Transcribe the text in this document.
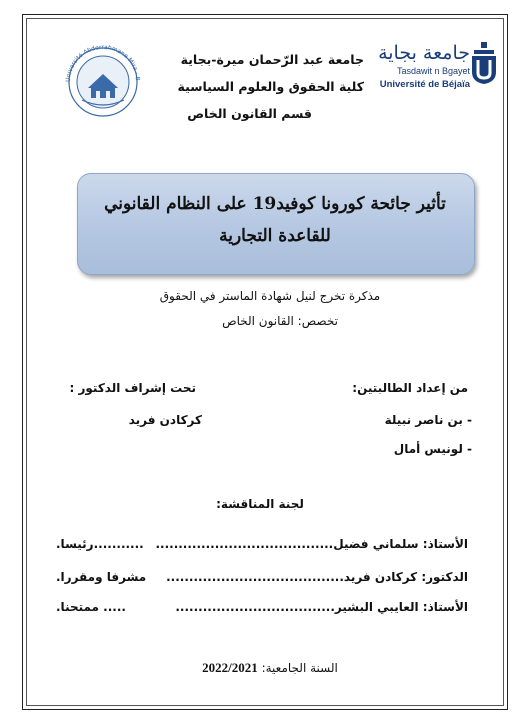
جامعة بجاية
Tasdawit n Bgayet
Université de Béjaïa
جامعة عبد الرّحمان ميرة-بجاية
كلية الحقوق والعلوم السياسية
قسم القانون الخاص
Université Abderrahmane Mira - B
تأثير جائحة كورونا كوفيد19 على النظام القانوني
للقاعدة التجارية
مذكرة تخرج لنيل شهادة الماستر في الحقوق
تخصص: القانون الخاص
من إعداد الطالبتين:
تحت إشراف الدكتور :
- بن ناصر نبيلة
- لونيس أمال
كركادن فريد
لجنة المناقشة:
الأستاذ: سلماني فضيل.......................................
...........رئيسا.
الدكتور: كركادن فريد.......................................
مشرفا ومقررا.
الأستاذ: العايبي البشير...................................
..... ممتحنا.
السنة الجامعية: 2022/2021
